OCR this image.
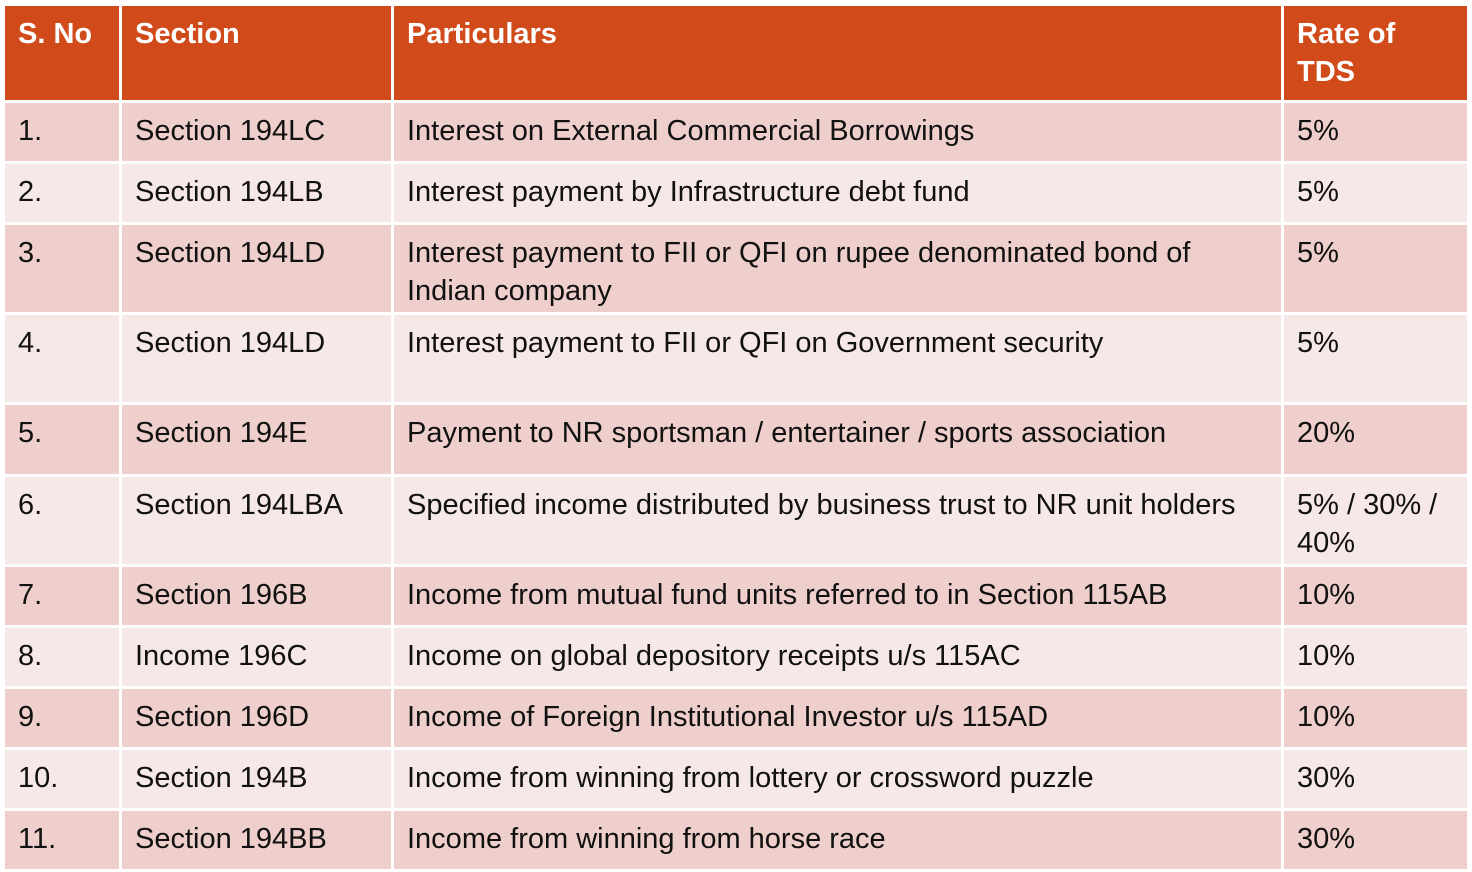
S. No	Section	Particulars	Rate of TDS
1.	Section 194LC	Interest on External Commercial Borrowings	5%
2.	Section 194LB	Interest payment by Infrastructure debt fund	5%
3.	Section 194LD	Interest payment to FII or QFI on rupee denominated bond of Indian company	5%
4.	Section 194LD	Interest payment to FII or QFI on Government security	5%
5.	Section 194E	Payment to NR sportsman / entertainer / sports association	20%
6.	Section 194LBA	Specified income distributed by business trust to NR unit holders	5% / 30% / 40%
7.	Section 196B	Income from mutual fund units referred to in Section 115AB	10%
8.	Income 196C	Income on global depository receipts u/s 115AC	10%
9.	Section 196D	Income of Foreign Institutional Investor u/s 115AD	10%
10.	Section 194B	Income from winning from lottery or crossword puzzle	30%
11.	Section 194BB	Income from winning from horse race	30%
